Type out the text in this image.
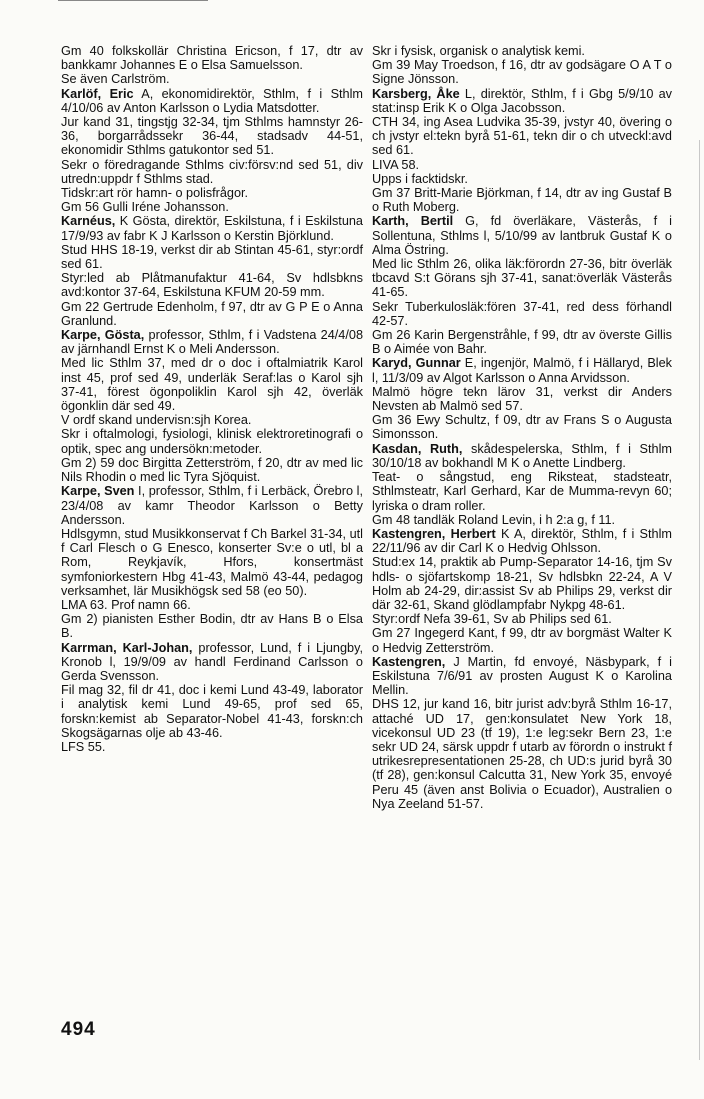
Gm 40 folkskollär Christina Ericson, f 17, dtr av bankkamr Johannes E o Elsa Samuelsson.

Se även Carlström.

Karlöf, Eric A, ekonomidirektör, Sthlm, f i Sthlm 4/10/06 av Anton Karlsson o Lydia Matsdotter.

Jur kand 31, tingstjg 32-34, tjm Sthlms hamnstyr 26-36, borgarrådssekr 36-44, stadsadv 44-51, ekonomidir Sthlms gatukontor sed 51.

Sekr o föredragande Sthlms civ:försv:nd sed 51, div utredn:uppdr f Sthlms stad.

Tidskr:art rör hamn- o polisfrågor.

Gm 56 Gulli Iréne Johansson.

Karnéus, K Gösta, direktör, Eskilstuna, f i Eskilstuna 17/9/93 av fabr K J Karlsson o Kerstin Björklund.

Stud HHS 18-19, verkst dir ab Stintan 45-61, styr:ordf sed 61.

Styr:led ab Plåtmanufaktur 41-64, Sv hdlsbkns avd:kontor 37-64, Eskilstuna KFUM 20-59 mm.

Gm 22 Gertrude Edenholm, f 97, dtr av G P E o Anna Granlund.

Karpe, Gösta, professor, Sthlm, f i Vadstena 24/4/08 av järnhandl Ernst K o Meli Andersson.

Med lic Sthlm 37, med dr o doc i oftalmiatrik Karol inst 45, prof sed 49, underläk Seraf:las o Karol sjh 37-41, förest ögonpoliklin Karol sjh 42, överläk ögonklin där sed 49.

V ordf skand undervisn:sjh Korea.

Skr i oftalmologi, fysiologi, klinisk elektroretinografi o optik, spec ang undersökn:metoder.

Gm 2) 59 doc Birgitta Zetterström, f 20, dtr av med lic Nils Rhodin o med lic Tyra Sjöquist.

Karpe, Sven I, professor, Sthlm, f i Lerbäck, Örebro l, 23/4/08 av kamr Theodor Karlsson o Betty Andersson.

Hdlsgymn, stud Musikkonservat f Ch Barkel 31-34, utl f Carl Flesch o G Enesco, konserter Sv:e o utl, bl a Rom, Reykjavík, Hfors, konsertmäst symfoniorkestern Hbg 41-43, Malmö 43-44, pedagog verksamhet, lär Musikhögsk sed 58 (eo 50).

LMA 63. Prof namn 66.

Gm 2) pianisten Esther Bodin, dtr av Hans B o Elsa B.

Karrman, Karl-Johan, professor, Lund, f i Ljungby, Kronob l, 19/9/09 av handl Ferdinand Carlsson o Gerda Svensson.

Fil mag 32, fil dr 41, doc i kemi Lund 43-49, laborator i analytisk kemi Lund 49-65, prof sed 65, forskn:kemist ab Separator-Nobel 41-43, forskn:ch Skogsägarnas olje ab 43-46.

LFS 55.

Skr i fysisk, organisk o analytisk kemi.

Gm 39 May Troedson, f 16, dtr av godsägare O A T o Signe Jönsson.

Karsberg, Åke L, direktör, Sthlm, f i Gbg 5/9/10 av stat:insp Erik K o Olga Jacobsson.

CTH 34, ing Asea Ludvika 35-39, jvstyr 40, övering o ch jvstyr el:tekn byrå 51-61, tekn dir o ch utveckl:avd sed 61.

LIVA 58.

Upps i facktidskr.

Gm 37 Britt-Marie Björkman, f 14, dtr av ing Gustaf B o Ruth Moberg.

Karth, Bertil G, fd överläkare, Västerås, f i Sollentuna, Sthlms l, 5/10/99 av lantbruk Gustaf K o Alma Östring.

Med lic Sthlm 26, olika läk:förordn 27-36, bitr överläk tbcavd S:t Görans sjh 37-41, sanat:överläk Västerås 41-65.

Sekr Tuberkulosläk:fören 37-41, red dess förhandl 42-57.

Gm 26 Karin Bergenstråhle, f 99, dtr av överste Gillis B o Aimée von Bahr.

Karyd, Gunnar E, ingenjör, Malmö, f i Hällaryd, Blek l, 11/3/09 av Algot Karlsson o Anna Arvidsson.

Malmö högre tekn lärov 31, verkst dir Anders Nevsten ab Malmö sed 57.

Gm 36 Ewy Schultz, f 09, dtr av Frans S o Augusta Simonsson.

Kasdan, Ruth, skådespelerska, Sthlm, f i Sthlm 30/10/18 av bokhandl M K o Anette Lindberg.

Teat- o sångstud, eng Riksteat, stadsteatr, Sthlmsteatr, Karl Gerhard, Kar de Mumma-revyn 60; lyriska o dram roller.

Gm 48 tandläk Roland Levin, i h 2:a g, f 11.

Kastengren, Herbert K A, direktör, Sthlm, f i Sthlm 22/11/96 av dir Carl K o Hedvig Ohlsson.

Stud:ex 14, praktik ab Pump-Separator 14-16, tjm Sv hdls- o sjöfartskomp 18-21, Sv hdlsbkn 22-24, A V Holm ab 24-29, dir:assist Sv ab Philips 29, verkst dir där 32-61, Skand glödlampfabr Nykpg 48-61.

Styr:ordf Nefa 39-61, Sv ab Philips sed 61.

Gm 27 Ingegerd Kant, f 99, dtr av borgmäst Walter K o Hedvig Zetterström.

Kastengren, J Martin, fd envoyé, Näsbypark, f i Eskilstuna 7/6/91 av prosten August K o Karolina Mellin.

DHS 12, jur kand 16, bitr jurist adv:byrå Sthlm 16-17, attaché UD 17, gen:konsulatet New York 18, vicekonsul UD 23 (tf 19), 1:e leg:sekr Bern 23, 1:e sekr UD 24, särsk uppdr f utarb av förordn o instrukt f utrikesrepresentationen 25-28, ch UD:s jurid byrå 30 (tf 28), gen:konsul Calcutta 31, New York 35, envoyé Peru 45 (även anst Bolivia o Ecuador), Australien o Nya Zeeland 51-57.

494
